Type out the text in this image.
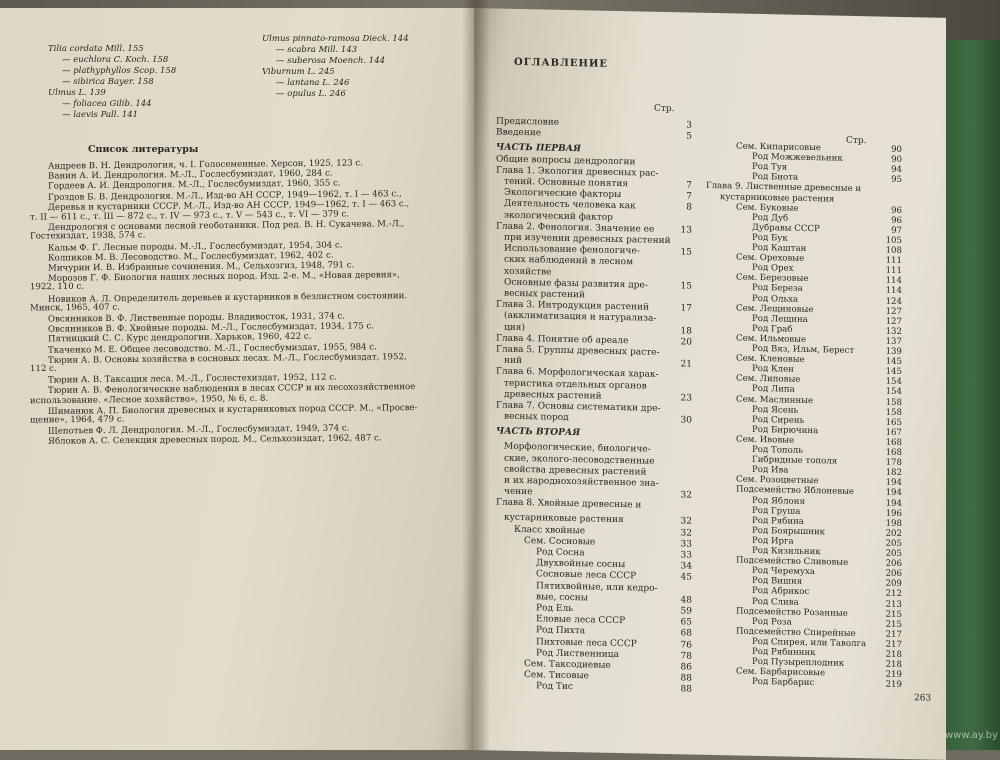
Tilia cordata Mill. 155
— euchlora C. Koch. 158
— plathyphyllos Scop. 158
— sibirica Bayer. 158
Ulmus L. 139
— foliacea Gilib. 144
— laevis Pall. 141
Ulmus pinnato-ramosa Dieck. 144
— scabra Mill. 143
— suberosa Moench. 144
Viburnum L. 245
— lantana L. 246
— opulus L. 246
Список литературы
Андреев В. Н. Дендрология, ч. I. Голосеменные. Херсон, 1925, 123 с.
Ванин А. И. Дендрология. М.-Л., Гослесбумиздат, 1960, 284 с.
Гордеев А. И. Дендрология. М.-Л., Гослесбумиздат, 1960, 355 с.
Гроздов Б. В. Дендрология. М.-Л., Изд-во АН СССР, 1949—1962, т. I — 463 с.,
Деревья и кустарники СССР. М.-Л., Изд-во АН СССР, 1949—1962, т. I — 463 с.,
т. II — 611 с., т. III — 872 с., т. IV — 973 с., т. V — 543 с., т. VI — 379 с.
Дендрология с основами лесной геоботаники. Под ред. В. Н. Сукачева. М.-Л.,
Гостехиздат, 1938, 574 с.
Кальм Ф. Г. Лесные породы. М.-Л., Гослесбумиздат, 1954, 304 с.
Колпиков М. В. Лесоводство. М., Гослесбумиздат, 1962, 402 с.
Мичурин И. В. Избранные сочинения. М., Сельхозгиз, 1948, 791 с.
Морозов Г. Ф. Биология наших лесных пород. Изд. 2-е. М., «Новая деревня»,
1922, 110 с.
Новиков А. Л. Определитель деревьев и кустарников в безлистном состоянии.
Минск, 1965, 407 с.
Овсянников В. Ф. Лиственные породы. Владивосток, 1931, 374 с.
Овсянников В. Ф. Хвойные породы. М.-Л., Гослесбумиздат, 1934, 175 с.
Пятницкий С. С. Курс дендрологии. Харьков, 1960, 422 с.
Ткаченко М. Е. Общее лесоводство. М.-Л., Гослесбумиздат, 1955, 984 с.
Тюрин А. В. Основы хозяйства в сосновых лесах. М.-Л., Гослесбумиздат, 1952,
112 с.
Тюрин А. В. Таксация леса. М.-Л., Гослестехиздат, 1952, 112 с.
Тюрин А. В. Фенологические наблюдения в лесах СССР и их лесохозяйственное
использование. «Лесное хозяйство», 1950, № 6, с. 8.
Шиманюк А. П. Биология древесных и кустарниковых пород СССР. М., «Просве-
щение», 1964, 479 с.
Щепотьев Ф. Л. Дендрология. М.-Л., Гослесбумиздат, 1949, 374 с.
Яблоков А. С. Селекция древесных пород. М., Сельхозиздат, 1962, 487 с.
ОГЛАВЛЕНИЕ
Стр.
Стр.
Предисловие	3
Введение	5
ЧАСТЬ ПЕРВАЯ
Общие вопросы дендрологии
Глава 1. Экология древесных рас-
тений. Основные понятия	7
Экологические факторы	7
Деятельность человека как	8
экологический фактор
Глава 2. Фенология. Значение ее	13
при изучении древесных растений
Использование фенологиче-	15
ских наблюдений в лесном
хозяйстве
Основные фазы развития дре-	15
весных растений
Глава 3. Интродукция растений	17
(акклиматизация и натурализа-
ция)	18
Глава 4. Понятие об ареале	20
Глава 5. Группы древесных расте-
ний	21
Глава 6. Морфологическая харак-
теристика отдельных органов
древесных растений	23
Глава 7. Основы систематики дре-
весных пород	30
ЧАСТЬ ВТОРАЯ
Морфологические, биологиче-
ские, эколого-лесоводственные
свойства древесных растений
и их народнохозяйственное зна-
чение	32
Глава 8. Хвойные древесные и
кустарниковые растения	32
Класс хвойные	32
Сем. Сосновые	33
Род Сосна	33
Двухвойные сосны	34
Сосновые леса СССР	45
Пятихвойные, или кедро-
вые, сосны	48
Род Ель	59
Еловые леса СССР	65
Род Пихта	68
Пихтовые леса СССР	76
Род Лиственница	78
Сем. Таксодиевые	86
Сем. Тисовые	88
Род Тис	88
Сем. Кипарисовые	90
Род Можжевельник	90
Род Туя	94
Род Биота	95
Глава 9. Лиственные древесные и
кустарниковые растения
Сем. Буковые	96
Род Дуб	96
Дубравы СССР	97
Род Бук	105
Род Каштан	108
Сем. Ореховые	111
Род Орех	111
Сем. Березовые	114
Род Береза	114
Род Ольха	124
Сем. Лещиновые	127
Род Лещина	127
Род Граб	132
Сем. Ильмовые	137
Род Вяз, Ильм, Берест	139
Сем. Кленовые	145
Род Клен	145
Сем. Липовые	154
Род Липа	154
Сем. Маслинные	158
Род Ясень	158
Род Сирень	165
Род Бирючина	167
Сем. Ивовые	168
Род Тополь	168
Гибридные тополя	178
Род Ива	182
Сем. Розоцветные	194
Подсемейство Яблоневые	194
Род Яблоня	194
Род Груша	196
Род Рябина	198
Род Боярышник	202
Род Ирга	205
Род Кизильник	205
Подсемейство Сливовые	206
Род Черемуха	206
Род Вишня	209
Род Абрикос	212
Род Слива	213
Подсемейство Розанные	215
Род Роза	215
Подсемейство Спирейные	217
Род Спирея, или Таволга	217
Род Рябинник	218
Род Пузыреплодник	218
Сем. Барбарисовые	219
Род Барбарис	219
263
www.ay.by
